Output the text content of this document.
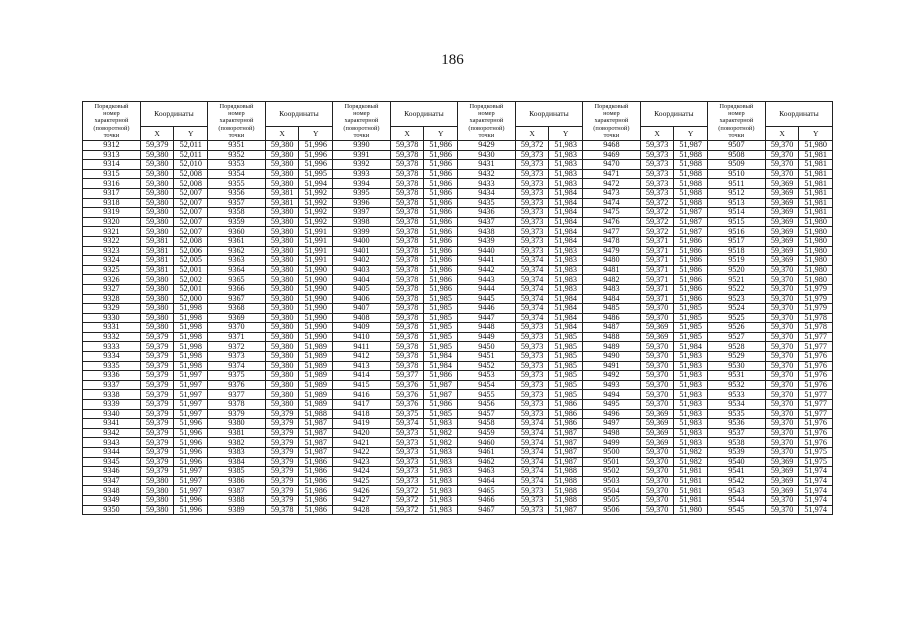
186
Порядковый
номер
характерной
(поворотной)
точки	Координаты		Порядковый
номер
характерной
(поворотной)
точки	Координаты		Порядковый
номер
характерной
(поворотной)
точки	Координаты		Порядковый
номер
характерной
(поворотной)
точки	Координаты		Порядковый
номер
характерной
(поворотной)
точки	Координаты		Порядковый
номер
характерной
(поворотной)
точки	Координаты	
	X	Y		X	Y		X	Y		X	Y		X	Y		X	Y
9312	59,379	52,011	9351	59,380	51,996	9390	59,378	51,986	9429	59,372	51,983	9468	59,373	51,987	9507	59,370	51,980
9313	59,380	52,011	9352	59,380	51,996	9391	59,378	51,986	9430	59,373	51,983	9469	59,373	51,988	9508	59,370	51,981
9314	59,380	52,010	9353	59,380	51,996	9392	59,378	51,986	9431	59,373	51,983	9470	59,373	51,988	9509	59,370	51,981
9315	59,380	52,008	9354	59,380	51,995	9393	59,378	51,986	9432	59,373	51,983	9471	59,373	51,988	9510	59,370	51,981
9316	59,380	52,008	9355	59,380	51,994	9394	59,378	51,986	9433	59,373	51,983	9472	59,373	51,988	9511	59,369	51,981
9317	59,380	52,007	9356	59,381	51,992	9395	59,378	51,986	9434	59,373	51,984	9473	59,373	51,988	9512	59,369	51,981
9318	59,380	52,007	9357	59,381	51,992	9396	59,378	51,986	9435	59,373	51,984	9474	59,372	51,988	9513	59,369	51,981
9319	59,380	52,007	9358	59,380	51,992	9397	59,378	51,986	9436	59,373	51,984	9475	59,372	51,987	9514	59,369	51,981
9320	59,380	52,007	9359	59,380	51,992	9398	59,378	51,986	9437	59,373	51,984	9476	59,372	51,987	9515	59,369	51,980
9321	59,380	52,007	9360	59,380	51,991	9399	59,378	51,986	9438	59,373	51,984	9477	59,372	51,987	9516	59,369	51,980
9322	59,381	52,008	9361	59,380	51,991	9400	59,378	51,986	9439	59,373	51,984	9478	59,371	51,986	9517	59,369	51,980
9323	59,381	52,006	9362	59,380	51,991	9401	59,378	51,986	9440	59,373	51,983	9479	59,371	51,986	9518	59,369	51,980
9324	59,381	52,005	9363	59,380	51,991	9402	59,378	51,986	9441	59,374	51,983	9480	59,371	51,986	9519	59,369	51,980
9325	59,381	52,001	9364	59,380	51,990	9403	59,378	51,986	9442	59,374	51,983	9481	59,371	51,986	9520	59,370	51,980
9326	59,380	52,002	9365	59,380	51,990	9404	59,378	51,986	9443	59,374	51,983	9482	59,371	51,986	9521	59,370	51,980
9327	59,380	52,001	9366	59,380	51,990	9405	59,378	51,986	9444	59,374	51,983	9483	59,371	51,986	9522	59,370	51,979
9328	59,380	52,000	9367	59,380	51,990	9406	59,378	51,985	9445	59,374	51,984	9484	59,371	51,986	9523	59,370	51,979
9329	59,380	51,998	9368	59,380	51,990	9407	59,378	51,985	9446	59,374	51,984	9485	59,370	51,985	9524	59,370	51,979
9330	59,380	51,998	9369	59,380	51,990	9408	59,378	51,985	9447	59,374	51,984	9486	59,370	51,985	9525	59,370	51,978
9331	59,380	51,998	9370	59,380	51,990	9409	59,378	51,985	9448	59,373	51,984	9487	59,369	51,985	9526	59,370	51,978
9332	59,379	51,998	9371	59,380	51,990	9410	59,378	51,985	9449	59,373	51,985	9488	59,369	51,985	9527	59,370	51,977
9333	59,379	51,998	9372	59,380	51,989	9411	59,378	51,985	9450	59,373	51,985	9489	59,370	51,984	9528	59,370	51,977
9334	59,379	51,998	9373	59,380	51,989	9412	59,378	51,984	9451	59,373	51,985	9490	59,370	51,983	9529	59,370	51,976
9335	59,379	51,998	9374	59,380	51,989	9413	59,378	51,984	9452	59,373	51,985	9491	59,370	51,983	9530	59,370	51,976
9336	59,379	51,997	9375	59,380	51,989	9414	59,377	51,986	9453	59,373	51,985	9492	59,370	51,983	9531	59,370	51,976
9337	59,379	51,997	9376	59,380	51,989	9415	59,376	51,987	9454	59,373	51,985	9493	59,370	51,983	9532	59,370	51,976
9338	59,379	51,997	9377	59,380	51,989	9416	59,376	51,987	9455	59,373	51,985	9494	59,370	51,983	9533	59,370	51,977
9339	59,379	51,997	9378	59,380	51,989	9417	59,376	51,986	9456	59,373	51,986	9495	59,370	51,983	9534	59,370	51,977
9340	59,379	51,997	9379	59,379	51,988	9418	59,375	51,985	9457	59,373	51,986	9496	59,369	51,983	9535	59,370	51,977
9341	59,379	51,996	9380	59,379	51,987	9419	59,374	51,983	9458	59,374	51,986	9497	59,369	51,983	9536	59,370	51,976
9342	59,379	51,996	9381	59,379	51,987	9420	59,373	51,982	9459	59,374	51,987	9498	59,369	51,983	9537	59,370	51,976
9343	59,379	51,996	9382	59,379	51,987	9421	59,373	51,982	9460	59,374	51,987	9499	59,369	51,983	9538	59,370	51,976
9344	59,379	51,996	9383	59,379	51,987	9422	59,373	51,983	9461	59,374	51,987	9500	59,370	51,982	9539	59,370	51,975
9345	59,379	51,996	9384	59,379	51,986	9423	59,373	51,983	9462	59,374	51,987	9501	59,370	51,982	9540	59,369	51,975
9346	59,379	51,997	9385	59,379	51,986	9424	59,373	51,983	9463	59,374	51,988	9502	59,370	51,981	9541	59,369	51,974
9347	59,380	51,997	9386	59,379	51,986	9425	59,373	51,983	9464	59,374	51,988	9503	59,370	51,981	9542	59,369	51,974
9348	59,380	51,997	9387	59,379	51,986	9426	59,372	51,983	9465	59,373	51,988	9504	59,370	51,981	9543	59,369	51,974
9349	59,380	51,996	9388	59,379	51,986	9427	59,372	51,983	9466	59,373	51,988	9505	59,370	51,981	9544	59,370	51,974
9350	59,380	51,996	9389	59,378	51,986	9428	59,372	51,983	9467	59,373	51,987	9506	59,370	51,980	9545	59,370	51,974
